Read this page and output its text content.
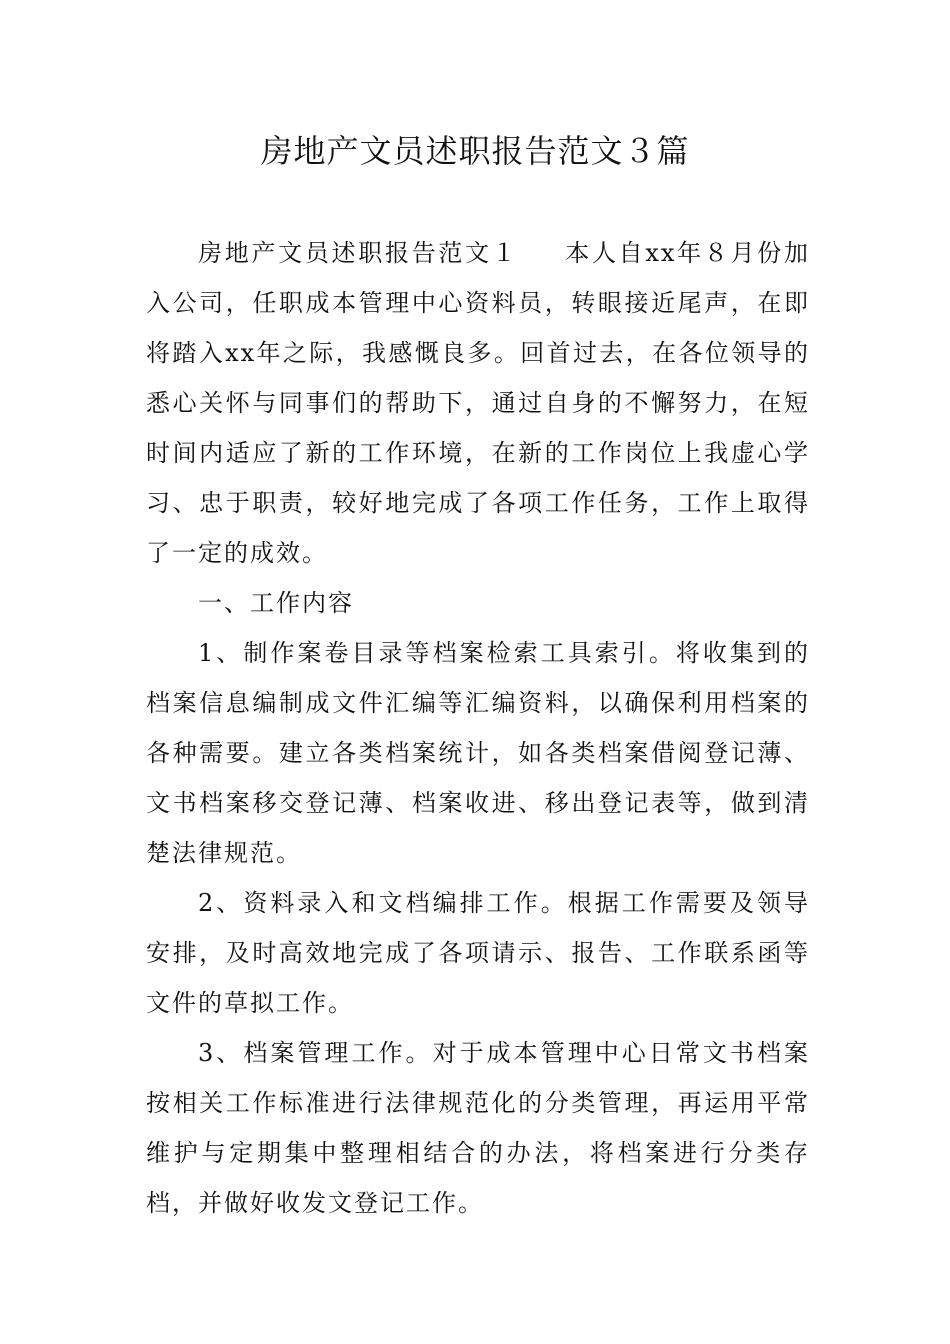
房地产文员述职报告范文３篇

房地产文员述职报告范文１ 本人自xx年８月份加入公司，任职成本管理中心资料员，转眼接近尾声，在即将踏入xx年之际，我感慨良多。回首过去，在各位领导的悉心关怀与同事们的帮助下，通过自身的不懈努力，在短时间内适应了新的工作环境，在新的工作岗位上我虚心学习、忠于职责，较好地完成了各项工作任务，工作上取得了一定的成效。

一、工作内容

1、制作案卷目录等档案检索工具索引。将收集到的档案信息编制成文件汇编等汇编资料，以确保利用档案的各种需要。建立各类档案统计，如各类档案借阅登记薄、文书档案移交登记薄、档案收进、移出登记表等，做到清楚法律规范。

2、资料录入和文档编排工作。根据工作需要及领导安排，及时高效地完成了各项请示、报告、工作联系函等文件的草拟工作。

3、档案管理工作。对于成本管理中心日常文书档案按相关工作标准进行法律规范化的分类管理，再运用平常维护与定期集中整理相结合的办法，将档案进行分类存档，并做好收发文登记工作。
